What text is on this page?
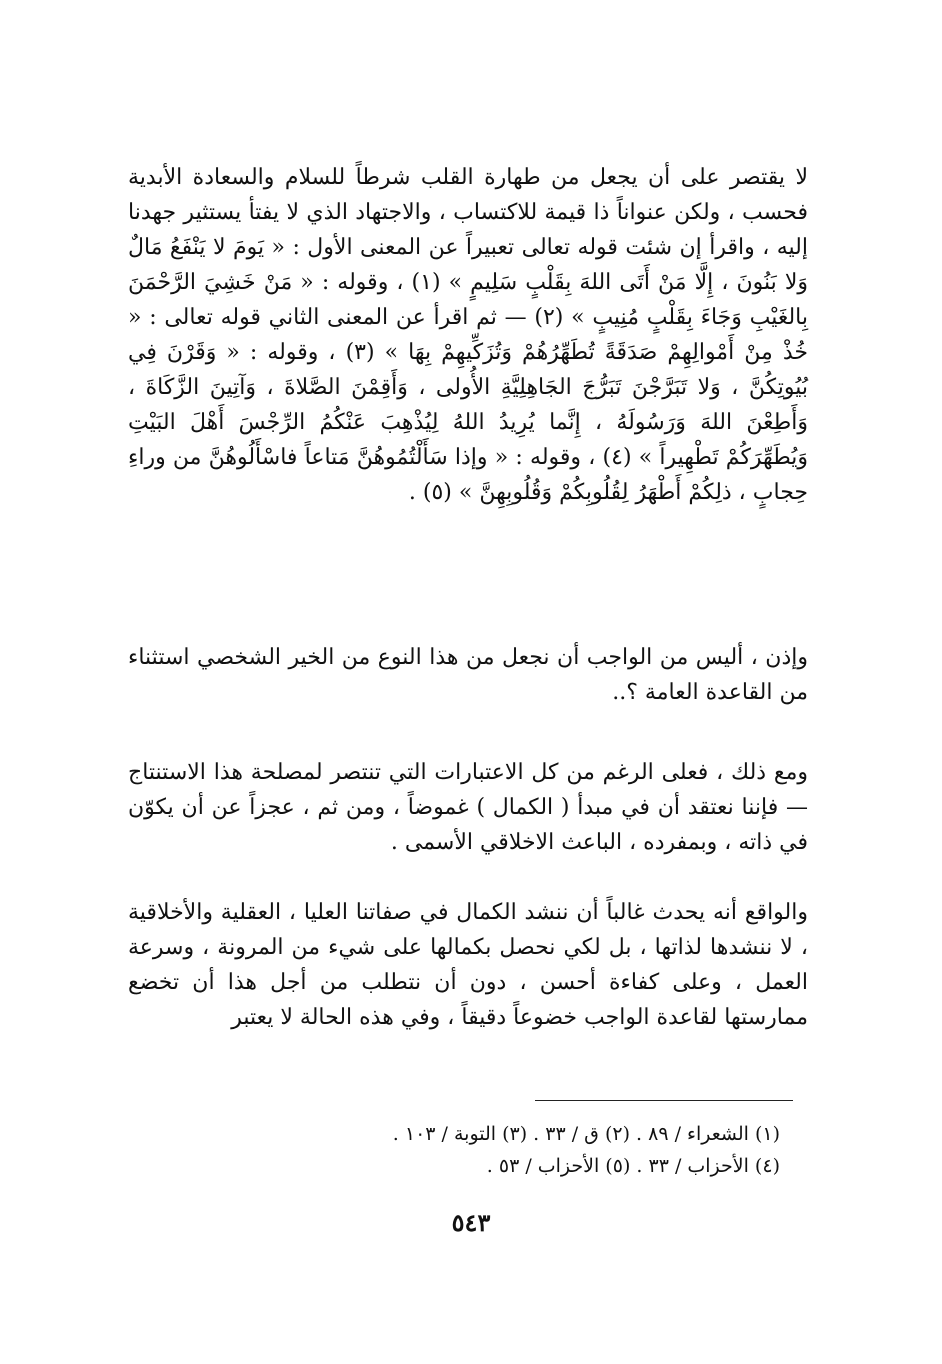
لا يقتصر على أن يجعل من طهارة القلب شرطاً للسلام والسعادة الأبدية فحسب ، ولكن عنواناً ذا قيمة للاكتساب ، والاجتهاد الذي لا يفتأ يستثير جهدنا إليه ، واقرأ إن شئت قوله تعالى تعبيراً عن المعنى الأول : « يَومَ لا يَنْفَعُ مَالٌ وَلا بَنُونَ ، إِلَّا مَنْ أَتَى اللهَ بِقَلْبٍ سَلِيمٍ » (١) ، وقوله : « مَنْ خَشِيَ الرَّحْمَنَ بِالغَيْبِ وَجَاءَ بِقَلْبٍ مُنِيبٍ » (٢) — ثم اقرأ عن المعنى الثاني قوله تعالى : « خُذْ مِنْ أَمْوالِهِمْ صَدَقَةً تُطَهِّرُهُمْ وَتُزَكِّيهِمْ بِهَا » (٣) ، وقوله : « وَقَرْنَ فِي بُيُوتِكُنَّ ، وَلا تَبَرَّجْنَ تَبَرُّجَ الجَاهِلِيَّةِ الأُولى ، وَأَقِمْنَ الصَّلاةَ ، وَآتِينَ الزَّكَاةَ ، وَأَطِعْنَ اللهَ وَرَسُولَهُ ، إِنَّما يُرِيدُ اللهُ لِيُذْهِبَ عَنْكُمُ الرِّجْسَ أَهْلَ البَيْتِ وَيُطَهِّرَكُمْ تَطْهِيراً » (٤) ، وقوله : « وإذا سَأَلْتُمُوهُنَّ مَتاعاً فاسْأَلُوهُنَّ من وراءِ حِجابٍ ، ذلِكُمْ أَطْهَرُ لِقُلُوبِكُمْ وَقُلُوبِهِنَّ » (٥) .

وإذن ، أليس من الواجب أن نجعل من هذا النوع من الخير الشخصي استثناء من القاعدة العامة ؟..

ومع ذلك ، فعلى الرغم من كل الاعتبارات التي تنتصر لمصلحة هذا الاستنتاج — فإننا نعتقد أن في مبدأ ( الكمال ) غموضاً ، ومن ثم ، عجزاً عن أن يكوّن في ذاته ، وبمفرده ، الباعث الاخلاقي الأسمى .

والواقع أنه يحدث غالباً أن ننشد الكمال في صفاتنا العليا ، العقلية والأخلاقية ، لا ننشدها لذاتها ، بل لكي نحصل بكمالها على شيء من المرونة ، وسرعة العمل ، وعلى كفاءة أحسن ، دون أن نتطلب من أجل هذا أن تخضع ممارستها لقاعدة الواجب خضوعاً دقيقاً ، وفي هذه الحالة لا يعتبر

(١) الشعراء / ٨٩ . (٢) ق / ٣٣ . (٣) التوبة / ١٠٣ .
(٤) الأحزاب / ٣٣ . (٥) الأحزاب / ٥٣ .
٥٤٣
